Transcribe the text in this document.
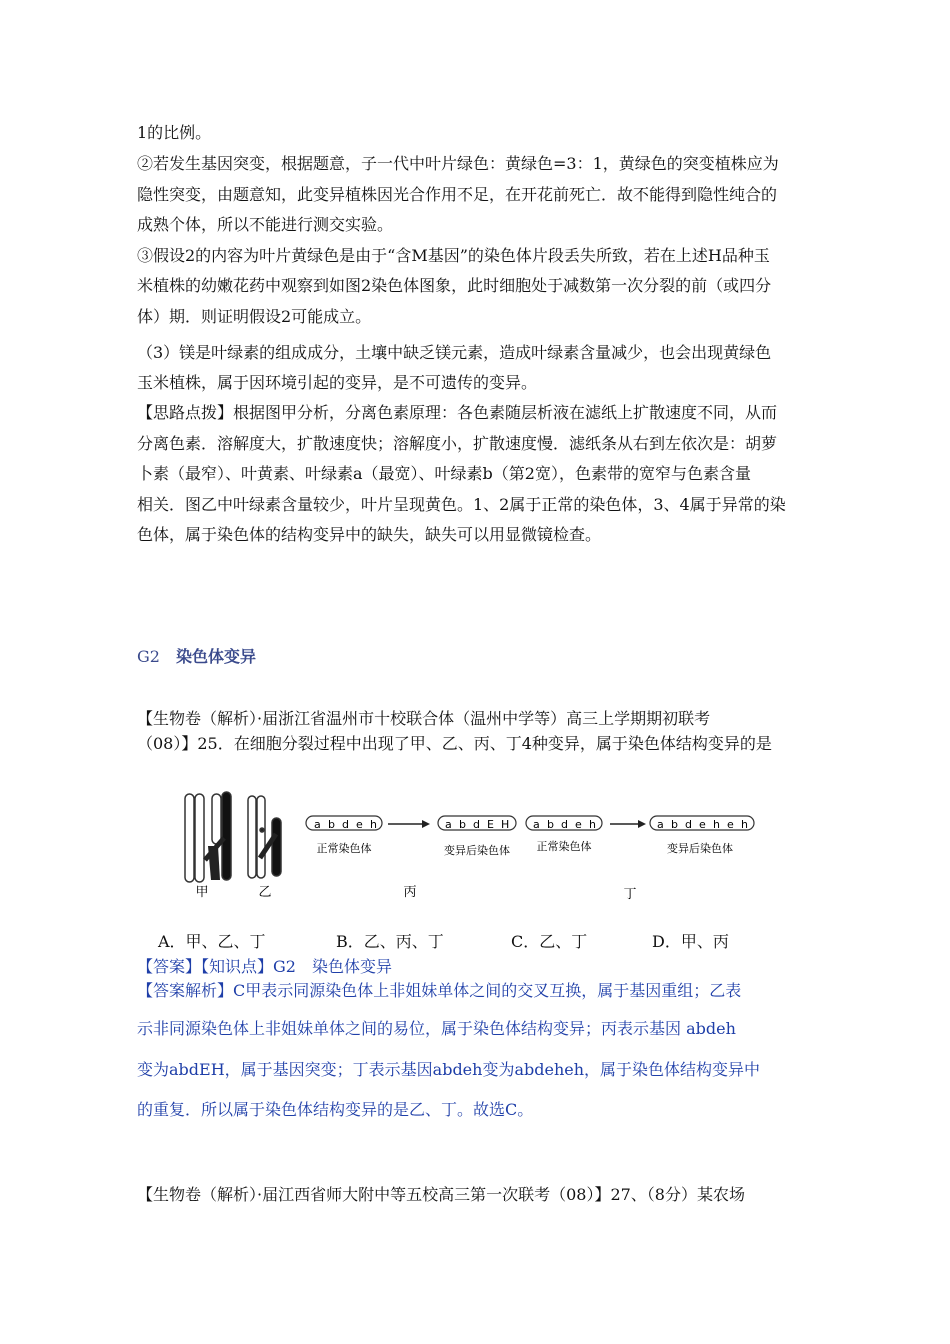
1的比例。

②若发生基因突变，根据题意，子一代中叶片绿色：黄绿色=3：1，黄绿色的突变植株应为

隐性突变，由题意知，此变异植株因光合作用不足，在开花前死亡．故不能得到隐性纯合的

成熟个体，所以不能进行测交实验。

③假设2的内容为叶片黄绿色是由于“含M基因”的染色体片段丢失所致，若在上述H品种玉

米植株的幼嫩花药中观察到如图2染色体图象，此时细胞处于减数第一次分裂的前（或四分

体）期．则证明假设2可能成立。

（3）镁是叶绿素的组成成分，土壤中缺乏镁元素，造成叶绿素含量减少，也会出现黄绿色

玉米植株，属于因环境引起的变异，是不可遗传的变异。

【思路点拨】根据图甲分析，分离色素原理：各色素随层析液在滤纸上扩散速度不同，从而

分离色素．溶解度大，扩散速度快；溶解度小，扩散速度慢．滤纸条从右到左依次是：胡萝

卜素（最窄）、叶黄素、叶绿素a（最宽）、叶绿素b（第2宽），色素带的宽窄与色素含量

相关．图乙中叶绿素含量较少，叶片呈现黄色。1、2属于正常的染色体，3、4属于异常的染

色体，属于染色体的结构变异中的缺失，缺失可以用显微镜检查。

G2 染色体变异

【生物卷（解析）·届浙江省温州市十校联合体（温州中学等）高三上学期期初联考

（08）】25．在细胞分裂过程中出现了甲、乙、丙、丁4种变异，属于染色体结构变异的是

甲	乙
a b d e h
正常染色体
a b d E H
变异后染色体
丙
a b d e h
正常染色体
a b d e h e h
变异后染色体
丁
A．甲、乙、丁	B．乙、丙、丁	C．乙、丁	D．甲、丙

【答案】【知识点】G2　染色体变异

【答案解析】C甲表示同源染色体上非姐妹单体之间的交叉互换，属于基因重组；乙表

示非同源染色体上非姐妹单体之间的易位，属于染色体结构变异；丙表示基因 abdeh

变为abdEH，属于基因突变；丁表示基因abdeh变为abdeheh，属于染色体结构变异中

的重复．所以属于染色体结构变异的是乙、丁。故选C。

【生物卷（解析）·届江西省师大附中等五校高三第一次联考（08）】27、（8分）某农场
